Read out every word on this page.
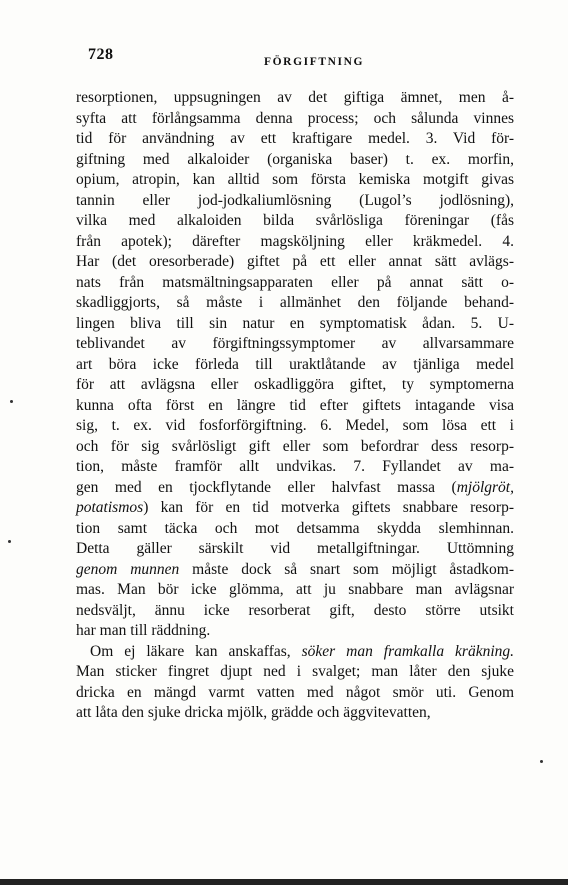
728	FÖRGIFTNING
resorptionen, uppsugningen av det giftiga ämnet, men å-
syfta att förlångsamma denna process; och sålunda vinnes
tid för användning av ett kraftigare medel. 3. Vid för-
giftning med alkaloider (organiska baser) t. ex. morfin,
opium, atropin, kan alltid som första kemiska motgift givas
tannin eller jod-jodkaliumlösning (Lugol’s jodlösning),
vilka med alkaloiden bilda svårlösliga föreningar (fås
från apotek); därefter magsköljning eller kräkmedel. 4.
Har (det oresorberade) giftet på ett eller annat sätt avlägs-
nats från matsmältningsapparaten eller på annat sätt o-
skadliggjorts, så måste i allmänhet den följande behand-
lingen bliva till sin natur en symptomatisk ådan. 5. U-
teblivandet av förgiftningssymptomer av allvarsammare
art böra icke förleda till uraktlåtande av tjänliga medel
för att avlägsna eller oskadliggöra giftet, ty symptomerna
kunna ofta först en längre tid efter giftets intagande visa
sig, t. ex. vid fosforförgiftning. 6. Medel, som lösa ett i
och för sig svårlösligt gift eller som befordrar dess resorp-
tion, måste framför allt undvikas. 7. Fyllandet av ma-
gen med en tjockflytande eller halvfast massa (mjölgröt,
potatismos) kan för en tid motverka giftets snabbare resorp-
tion samt täcka och mot detsamma skydda slemhinnan.
Detta gäller särskilt vid metallgiftningar. Uttömning
genom munnen måste dock så snart som möjligt åstadkom-
mas. Man bör icke glömma, att ju snabbare man avlägsnar
nedsväljt, ännu icke resorberat gift, desto större utsikt
har man till räddning.
Om ej läkare kan anskaffas, söker man framkalla kräkning.
Man sticker fingret djupt ned i svalget; man låter den sjuke
dricka en mängd varmt vatten med något smör uti. Genom
att låta den sjuke dricka mjölk, grädde och äggvitevatten,
